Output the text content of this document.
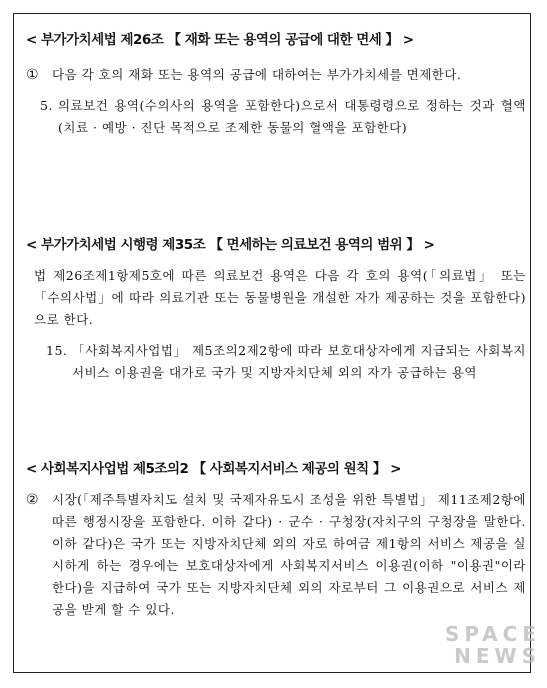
< 부가가치세법 제26조 【 재화 또는 용역의 공급에 대한 면세 】 >
①	다음 각 호의 재화 또는 용역의 공급에 대하여는 부가가치세를 면제한다.
5. 의료보건 용역(수의사의 용역을 포함한다)으로서 대통령령으로 정하는 것과 혈액(치료 · 예방 · 진단 목적으로 조제한 동물의 혈액을 포함한다)
< 부가가치세법 시행령 제35조 【 면세하는 의료보건 용역의 범위 】 >
법 제26조제1항제5호에 따른 의료보건 용역은 다음 각 호의 용역(「의료법」 또는 「수의사법」에 따라 의료기관 또는 동물병원을 개설한 자가 제공하는 것을 포함한다)으로 한다.
15. 「사회복지사업법」 제5조의2제2항에 따라 보호대상자에게 지급되는 사회복지서비스 이용권을 대가로 국가 및 지방자치단체 외의 자가 공급하는 용역
< 사회복지사업법 제5조의2 【 사회복지서비스 제공의 원칙 】 >
②	시장(「제주특별자치도 설치 및 국제자유도시 조성을 위한 특별법」 제11조제2항에 따른 행정시장을 포함한다. 이하 같다) · 군수 · 구청장(자치구의 구청장을 말한다. 이하 같다)은 국가 또는 지방자치단체 외의 자로 하여금 제1항의 서비스 제공을 실시하게 하는 경우에는 보호대상자에게 사회복지서비스 이용권(이하 "이용권"이라 한다)을 지급하여 국가 또는 지방자치단체 외의 자로부터 그 이용권으로 서비스 제공을 받게 할 수 있다.
SPACE
NEWS
